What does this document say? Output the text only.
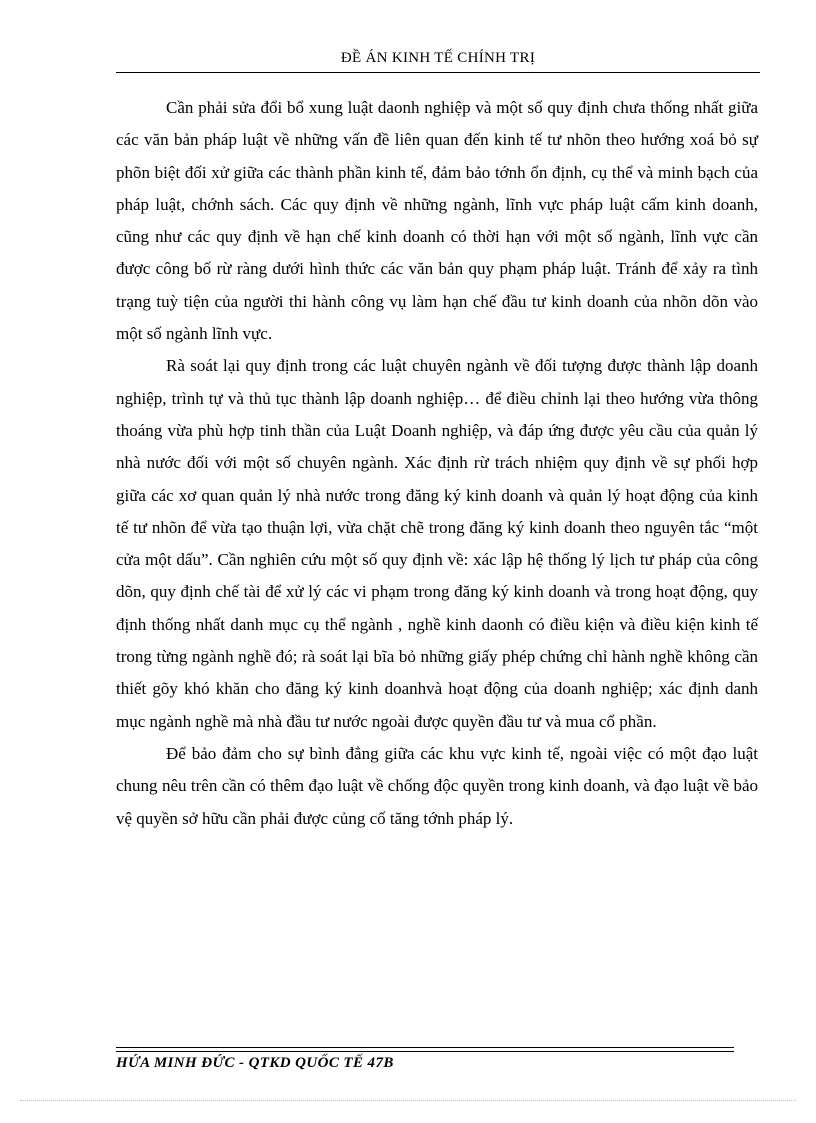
ĐỀ ÁN KINH TẾ CHÍNH TRỊ

Cần phải sửa đổi bổ xung luật daonh nghiệp và một số quy định chưa thống nhất giữa các văn bản pháp luật về những vấn đề liên quan đến kinh tế tư nhõn theo hướng xoá bỏ sự phõn biệt đối xử giữa các thành phần kinh tế, đảm bảo tớnh ổn định, cụ thể và minh bạch của pháp luật, chớnh sách. Các quy định về những ngành, lĩnh vực pháp luật cấm kinh doanh, cũng như các quy định về hạn chế kinh doanh có thời hạn với một số ngành, lĩnh vực cần được công bố rừ ràng dưới hình thức các văn bản quy phạm pháp luật. Tránh để xảy ra tình trạng tuỳ tiện của người thi hành công vụ làm hạn chế đầu tư kinh doanh của nhõn dõn vào một số ngành lĩnh vực.

Rà soát lại quy định trong các luật chuyên ngành về đối tượng được thành lập doanh nghiệp, trình tự và thủ tục thành lập doanh nghiệp… để điều chỉnh lại theo hướng vừa thông thoáng vừa phù hợp tinh thần của Luật Doanh nghiệp, và đáp ứng được yêu cầu của quản lý nhà nước đối với một số chuyên ngành. Xác định rừ trách nhiệm quy định về sự phối hợp giữa các xơ quan quản lý nhà nước trong đăng ký kinh doanh và quản lý hoạt động của kinh tế tư nhõn để vừa tạo thuận lợi, vừa chặt chẽ trong đăng ký kinh doanh theo nguyên tắc “một cửa một dấu”. Cần nghiên cứu một số quy định về: xác lập hệ thống lý lịch tư pháp của công dõn, quy định chế tài để xử lý các vi phạm trong đăng ký kinh doanh và trong hoạt động, quy định thống nhất danh mục cụ thể ngành , nghề kinh daonh có điều kiện và điều kiện kinh tế trong từng ngành nghề đó; rà soát lại bĩa bỏ những giấy phép chứng chỉ hành nghề không cần thiết gõy khó khăn cho đăng ký kinh doanhvà hoạt động của doanh nghiệp; xác định danh mục ngành nghề mà nhà đầu tư nước ngoài được quyền đầu tư và mua cổ phần.

Để bảo đảm cho sự bình đẳng giữa các khu vực kinh tế, ngoài việc có một đạo luật chung nêu trên cần có thêm đạo luật về chống độc quyền trong kinh doanh, và đạo luật về bảo vệ quyền sở hữu cần phải được củng cố tăng tớnh pháp lý.

HỨA MINH ĐỨC - QTKD QUỐC TẾ 47B
